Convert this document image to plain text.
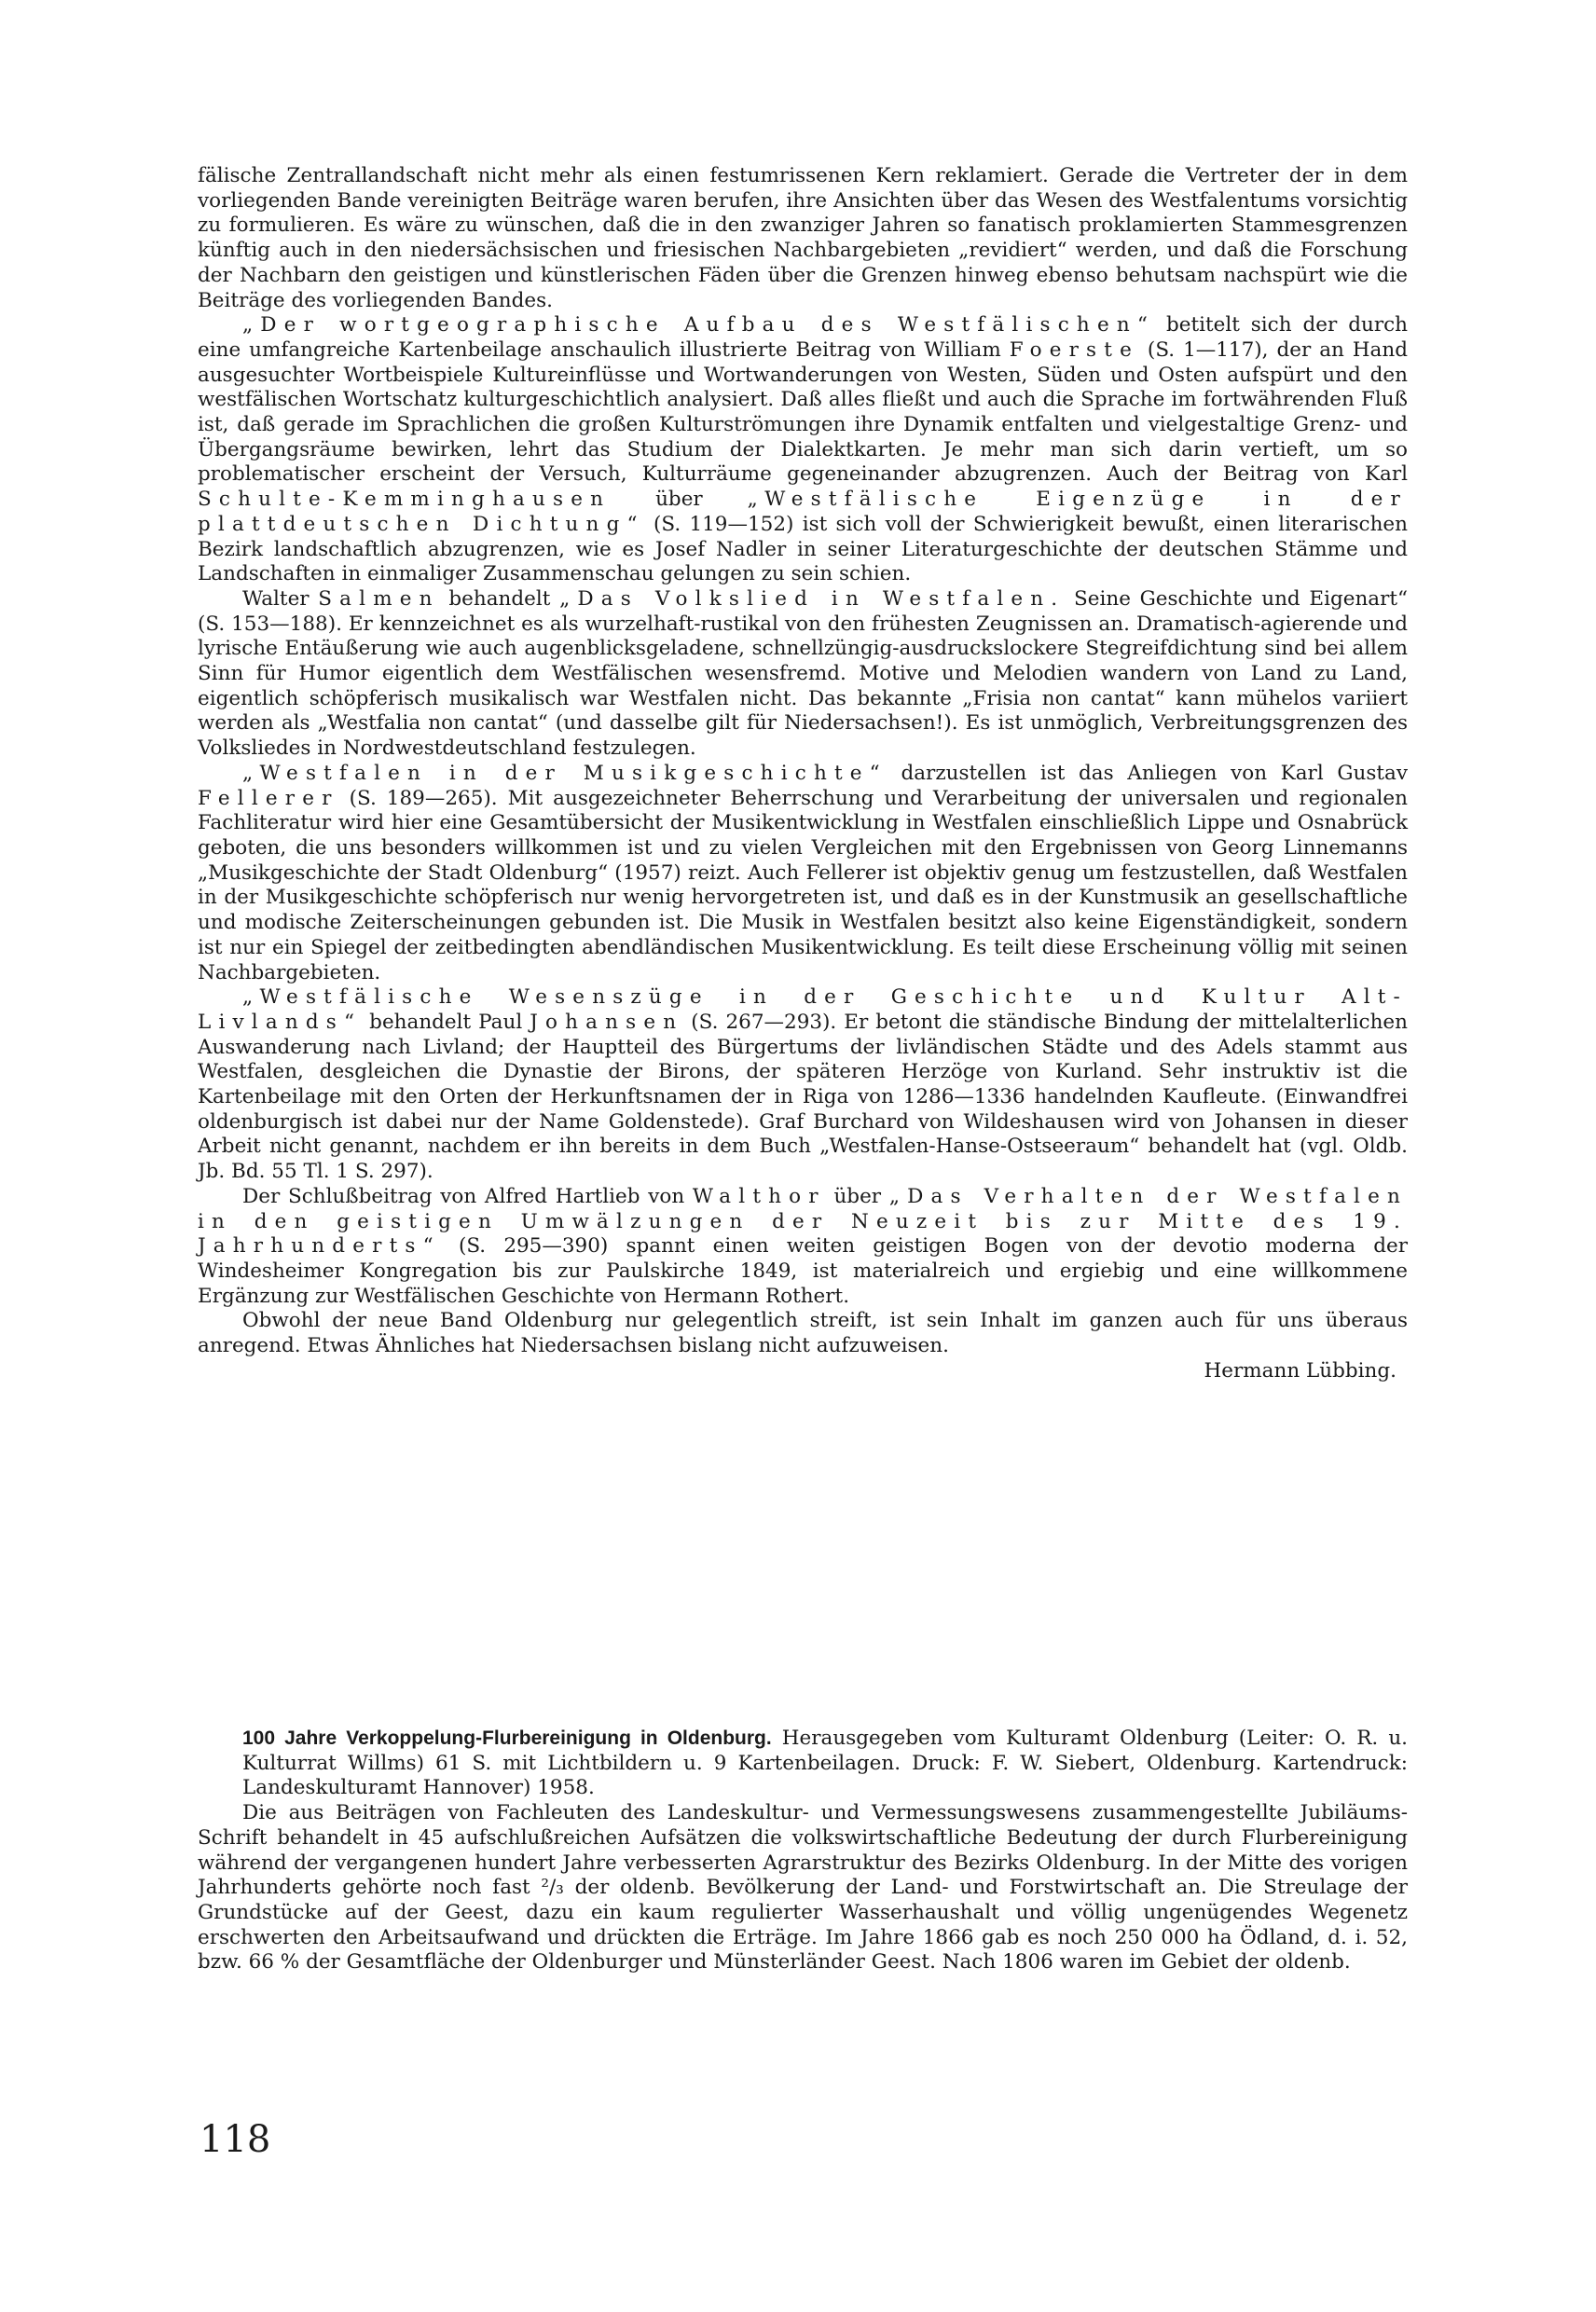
fälische Zentrallandschaft nicht mehr als einen festumrissenen Kern reklamiert. Gerade die Vertreter der in dem vorliegenden Bande vereinigten Beiträge waren berufen, ihre Ansichten über das Wesen des Westfalentums vorsichtig zu formulieren. Es wäre zu wünschen, daß die in den zwanziger Jahren so fanatisch proklamierten Stammesgrenzen künftig auch in den niedersächsischen und friesischen Nachbargebieten „revidiert“ werden, und daß die Forschung der Nachbarn den geistigen und künstlerischen Fäden über die Grenzen hinweg ebenso behutsam nachspürt wie die Beiträge des vorliegenden Bandes.

„Der wortgeographische Aufbau des Westfälischen“ betitelt sich der durch eine umfangreiche Kartenbeilage anschaulich illustrierte Beitrag von William Foerste (S. 1—117), der an Hand ausgesuchter Wortbeispiele Kultureinflüsse und Wortwanderungen von Westen, Süden und Osten aufspürt und den westfälischen Wortschatz kulturgeschichtlich analysiert. Daß alles fließt und auch die Sprache im fortwährenden Fluß ist, daß gerade im Sprachlichen die großen Kulturströmungen ihre Dynamik entfalten und vielgestaltige Grenz- und Übergangsräume bewirken, lehrt das Studium der Dialektkarten. Je mehr man sich darin vertieft, um so problematischer erscheint der Versuch, Kulturräume gegeneinander abzugrenzen. Auch der Beitrag von Karl Schulte-Kemminghausen über „Westfälische Eigenzüge in der plattdeutschen Dichtung“ (S. 119—152) ist sich voll der Schwierigkeit bewußt, einen literarischen Bezirk landschaftlich abzugrenzen, wie es Josef Nadler in seiner Literaturgeschichte der deutschen Stämme und Landschaften in einmaliger Zusammenschau gelungen zu sein schien.

Walter Salmen behandelt „Das Volkslied in Westfalen. Seine Geschichte und Eigenart“ (S. 153—188). Er kennzeichnet es als wurzelhaft-rustikal von den frühesten Zeugnissen an. Dramatisch-agierende und lyrische Entäußerung wie auch augenblicksgeladene, schnellzüngig-ausdruckslockere Stegreifdichtung sind bei allem Sinn für Humor eigentlich dem Westfälischen wesensfremd. Motive und Melodien wandern von Land zu Land, eigentlich schöpferisch musikalisch war Westfalen nicht. Das bekannte „Frisia non cantat“ kann mühelos variiert werden als „Westfalia non cantat“ (und dasselbe gilt für Niedersachsen!). Es ist unmöglich, Verbreitungsgrenzen des Volksliedes in Nordwestdeutschland festzulegen.

„Westfalen in der Musikgeschichte“ darzustellen ist das Anliegen von Karl Gustav Fellerer (S. 189—265). Mit ausgezeichneter Beherrschung und Verarbeitung der universalen und regionalen Fachliteratur wird hier eine Gesamtübersicht der Musikentwicklung in Westfalen einschließlich Lippe und Osnabrück geboten, die uns besonders willkommen ist und zu vielen Vergleichen mit den Ergebnissen von Georg Linnemanns „Musikgeschichte der Stadt Oldenburg“ (1957) reizt. Auch Fellerer ist objektiv genug um festzustellen, daß Westfalen in der Musikgeschichte schöpferisch nur wenig hervorgetreten ist, und daß es in der Kunstmusik an gesellschaftliche und modische Zeiterscheinungen gebunden ist. Die Musik in Westfalen besitzt also keine Eigenständigkeit, sondern ist nur ein Spiegel der zeitbedingten abendländischen Musikentwicklung. Es teilt diese Erscheinung völlig mit seinen Nachbargebieten.

„Westfälische Wesenszüge in der Geschichte und Kultur Alt-Livlands“ behandelt Paul Johansen (S. 267—293). Er betont die ständische Bindung der mittelalterlichen Auswanderung nach Livland; der Hauptteil des Bürgertums der livländischen Städte und des Adels stammt aus Westfalen, desgleichen die Dynastie der Birons, der späteren Herzöge von Kurland. Sehr instruktiv ist die Kartenbeilage mit den Orten der Herkunftsnamen der in Riga von 1286—1336 handelnden Kaufleute. (Einwandfrei oldenburgisch ist dabei nur der Name Goldenstede). Graf Burchard von Wildeshausen wird von Johansen in dieser Arbeit nicht genannt, nachdem er ihn bereits in dem Buch „Westfalen-Hanse-Ostseeraum“ behandelt hat (vgl. Oldb. Jb. Bd. 55 Tl. 1 S. 297).

Der Schlußbeitrag von Alfred Hartlieb von Walthor über „Das Verhalten der Westfalen in den geistigen Umwälzungen der Neuzeit bis zur Mitte des 19. Jahrhunderts“ (S. 295—390) spannt einen weiten geistigen Bogen von der devotio moderna der Windesheimer Kongregation bis zur Paulskirche 1849, ist materialreich und ergiebig und eine willkommene Ergänzung zur Westfälischen Geschichte von Hermann Rothert.

Obwohl der neue Band Oldenburg nur gelegentlich streift, ist sein Inhalt im ganzen auch für uns überaus anregend. Etwas Ähnliches hat Niedersachsen bislang nicht aufzuweisen.

Hermann Lübbing.

100 Jahre Verkoppelung-Flurbereinigung in Oldenburg. Herausgegeben vom Kulturamt Oldenburg (Leiter: O. R. u. Kulturrat Willms) 61 S. mit Lichtbildern u. 9 Kartenbeilagen. Druck: F. W. Siebert, Oldenburg. Kartendruck: Landeskulturamt Hannover) 1958.

Die aus Beiträgen von Fachleuten des Landeskultur- und Vermessungswesens zusammengestellte Jubiläums-Schrift behandelt in 45 aufschlußreichen Aufsätzen die volkswirtschaftliche Bedeutung der durch Flurbereinigung während der vergangenen hundert Jahre verbesserten Agrarstruktur des Bezirks Oldenburg. In der Mitte des vorigen Jahrhunderts gehörte noch fast ²/₃ der oldenb. Bevölkerung der Land- und Forstwirtschaft an. Die Streulage der Grundstücke auf der Geest, dazu ein kaum regulierter Wasserhaushalt und völlig ungenügendes Wegenetz erschwerten den Arbeitsaufwand und drückten die Erträge. Im Jahre 1866 gab es noch 250 000 ha Ödland, d. i. 52, bzw. 66 % der Gesamtfläche der Oldenburger und Münsterländer Geest. Nach 1806 waren im Gebiet der oldenb.

118
